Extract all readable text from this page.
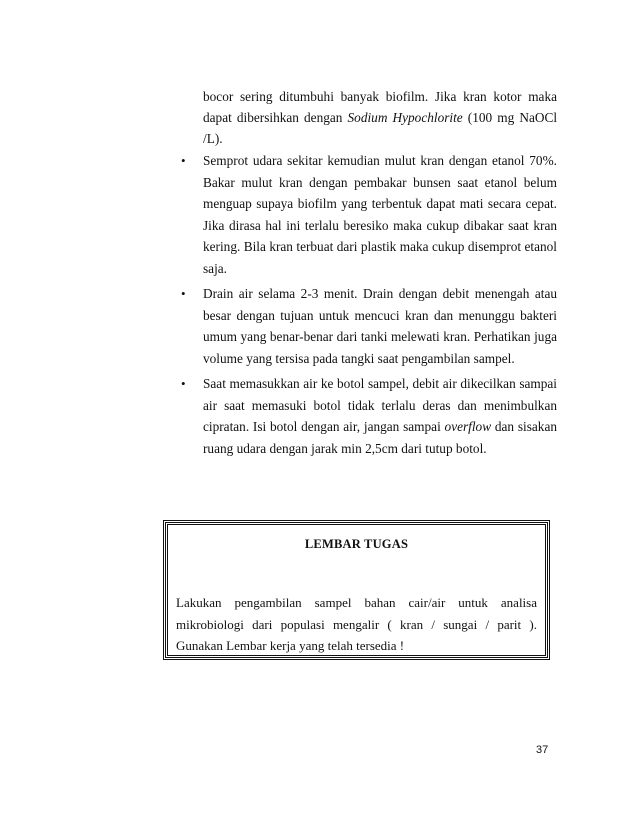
bocor sering ditumbuhi banyak biofilm. Jika kran kotor maka dapat dibersihkan dengan Sodium Hypochlorite (100 mg NaOCl /L).

• Semprot udara sekitar kemudian mulut kran dengan etanol 70%. Bakar mulut kran dengan pembakar bunsen saat etanol belum menguap supaya biofilm yang terbentuk dapat mati secara cepat. Jika dirasa hal ini terlalu beresiko maka cukup dibakar saat kran kering. Bila kran terbuat dari plastik maka cukup disemprot etanol saja.
• Drain air selama 2-3 menit. Drain dengan debit menengah atau besar dengan tujuan untuk mencuci kran dan menunggu bakteri umum yang benar-benar dari tanki melewati kran. Perhatikan juga volume yang tersisa pada tangki saat pengambilan sampel.
• Saat memasukkan air ke botol sampel, debit air dikecilkan sampai air saat memasuki botol tidak terlalu deras dan menimbulkan cipratan. Isi botol dengan air, jangan sampai overflow dan sisakan ruang udara dengan jarak min 2,5cm dari tutup botol.
LEMBAR TUGAS

Lakukan pengambilan sampel bahan cair/air untuk analisa mikrobiologi dari populasi mengalir ( kran / sungai / parit ). Gunakan Lembar kerja yang telah tersedia !

37
